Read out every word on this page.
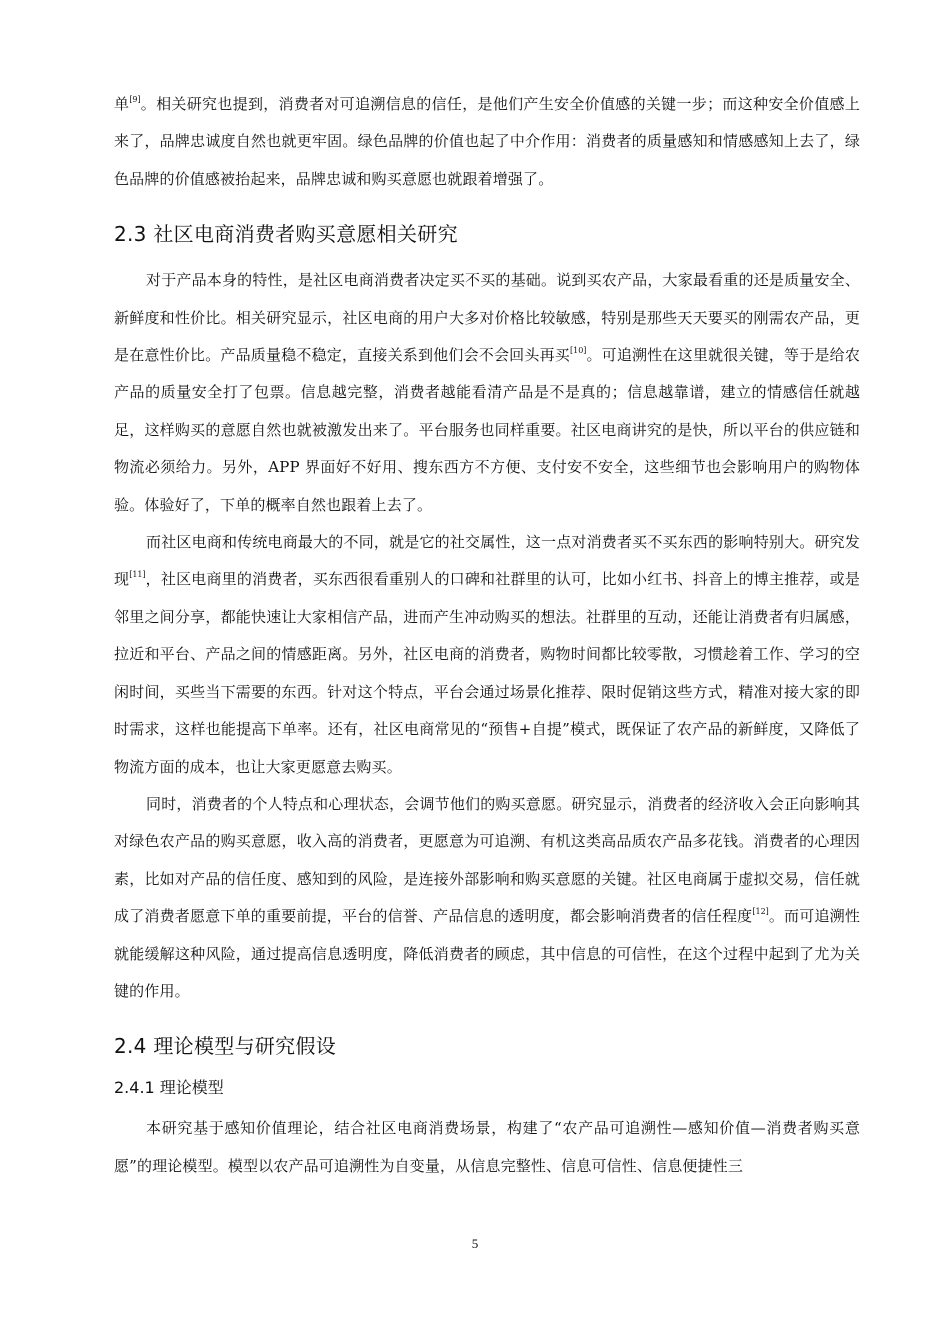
单[9]。相关研究也提到，消费者对可追溯信息的信任，是他们产生安全价值感的关键一步；而这种安全价值感上来了，品牌忠诚度自然也就更牢固。绿色品牌的价值也起了中介作用：消费者的质量感知和情感感知上去了，绿色品牌的价值感被抬起来，品牌忠诚和购买意愿也就跟着增强了。

2.3 社区电商消费者购买意愿相关研究

对于产品本身的特性，是社区电商消费者决定买不买的基础。说到买农产品，大家最看重的还是质量安全、新鲜度和性价比。相关研究显示，社区电商的用户大多对价格比较敏感，特别是那些天天要买的刚需农产品，更是在意性价比。产品质量稳不稳定，直接关系到他们会不会回头再买[10]。可追溯性在这里就很关键，等于是给农产品的质量安全打了包票。信息越完整，消费者越能看清产品是不是真的；信息越靠谱，建立的情感信任就越足，这样购买的意愿自然也就被激发出来了。平台服务也同样重要。社区电商讲究的是快，所以平台的供应链和物流必须给力。另外，APP 界面好不好用、搜东西方不方便、支付安不安全，这些细节也会影响用户的购物体验。体验好了，下单的概率自然也跟着上去了。

而社区电商和传统电商最大的不同，就是它的社交属性，这一点对消费者买不买东西的影响特别大。研究发现[11]，社区电商里的消费者，买东西很看重别人的口碑和社群里的认可，比如小红书、抖音上的博主推荐，或是邻里之间分享，都能快速让大家相信产品，进而产生冲动购买的想法。社群里的互动，还能让消费者有归属感，拉近和平台、产品之间的情感距离。另外，社区电商的消费者，购物时间都比较零散，习惯趁着工作、学习的空闲时间，买些当下需要的东西。针对这个特点，平台会通过场景化推荐、限时促销这些方式，精准对接大家的即时需求，这样也能提高下单率。还有，社区电商常见的“预售+自提”模式，既保证了农产品的新鲜度，又降低了物流方面的成本，也让大家更愿意去购买。

同时，消费者的个人特点和心理状态，会调节他们的购买意愿。研究显示，消费者的经济收入会正向影响其对绿色农产品的购买意愿，收入高的消费者，更愿意为可追溯、有机这类高品质农产品多花钱。消费者的心理因素，比如对产品的信任度、感知到的风险，是连接外部影响和购买意愿的关键。社区电商属于虚拟交易，信任就成了消费者愿意下单的重要前提，平台的信誉、产品信息的透明度，都会影响消费者的信任程度[12]。而可追溯性就能缓解这种风险，通过提高信息透明度，降低消费者的顾虑，其中信息的可信性，在这个过程中起到了尤为关键的作用。

2.4 理论模型与研究假设
2.4.1 理论模型

本研究基于感知价值理论，结合社区电商消费场景，构建了“农产品可追溯性—感知价值—消费者购买意愿”的理论模型。模型以农产品可追溯性为自变量，从信息完整性、信息可信性、信息便捷性三

5
